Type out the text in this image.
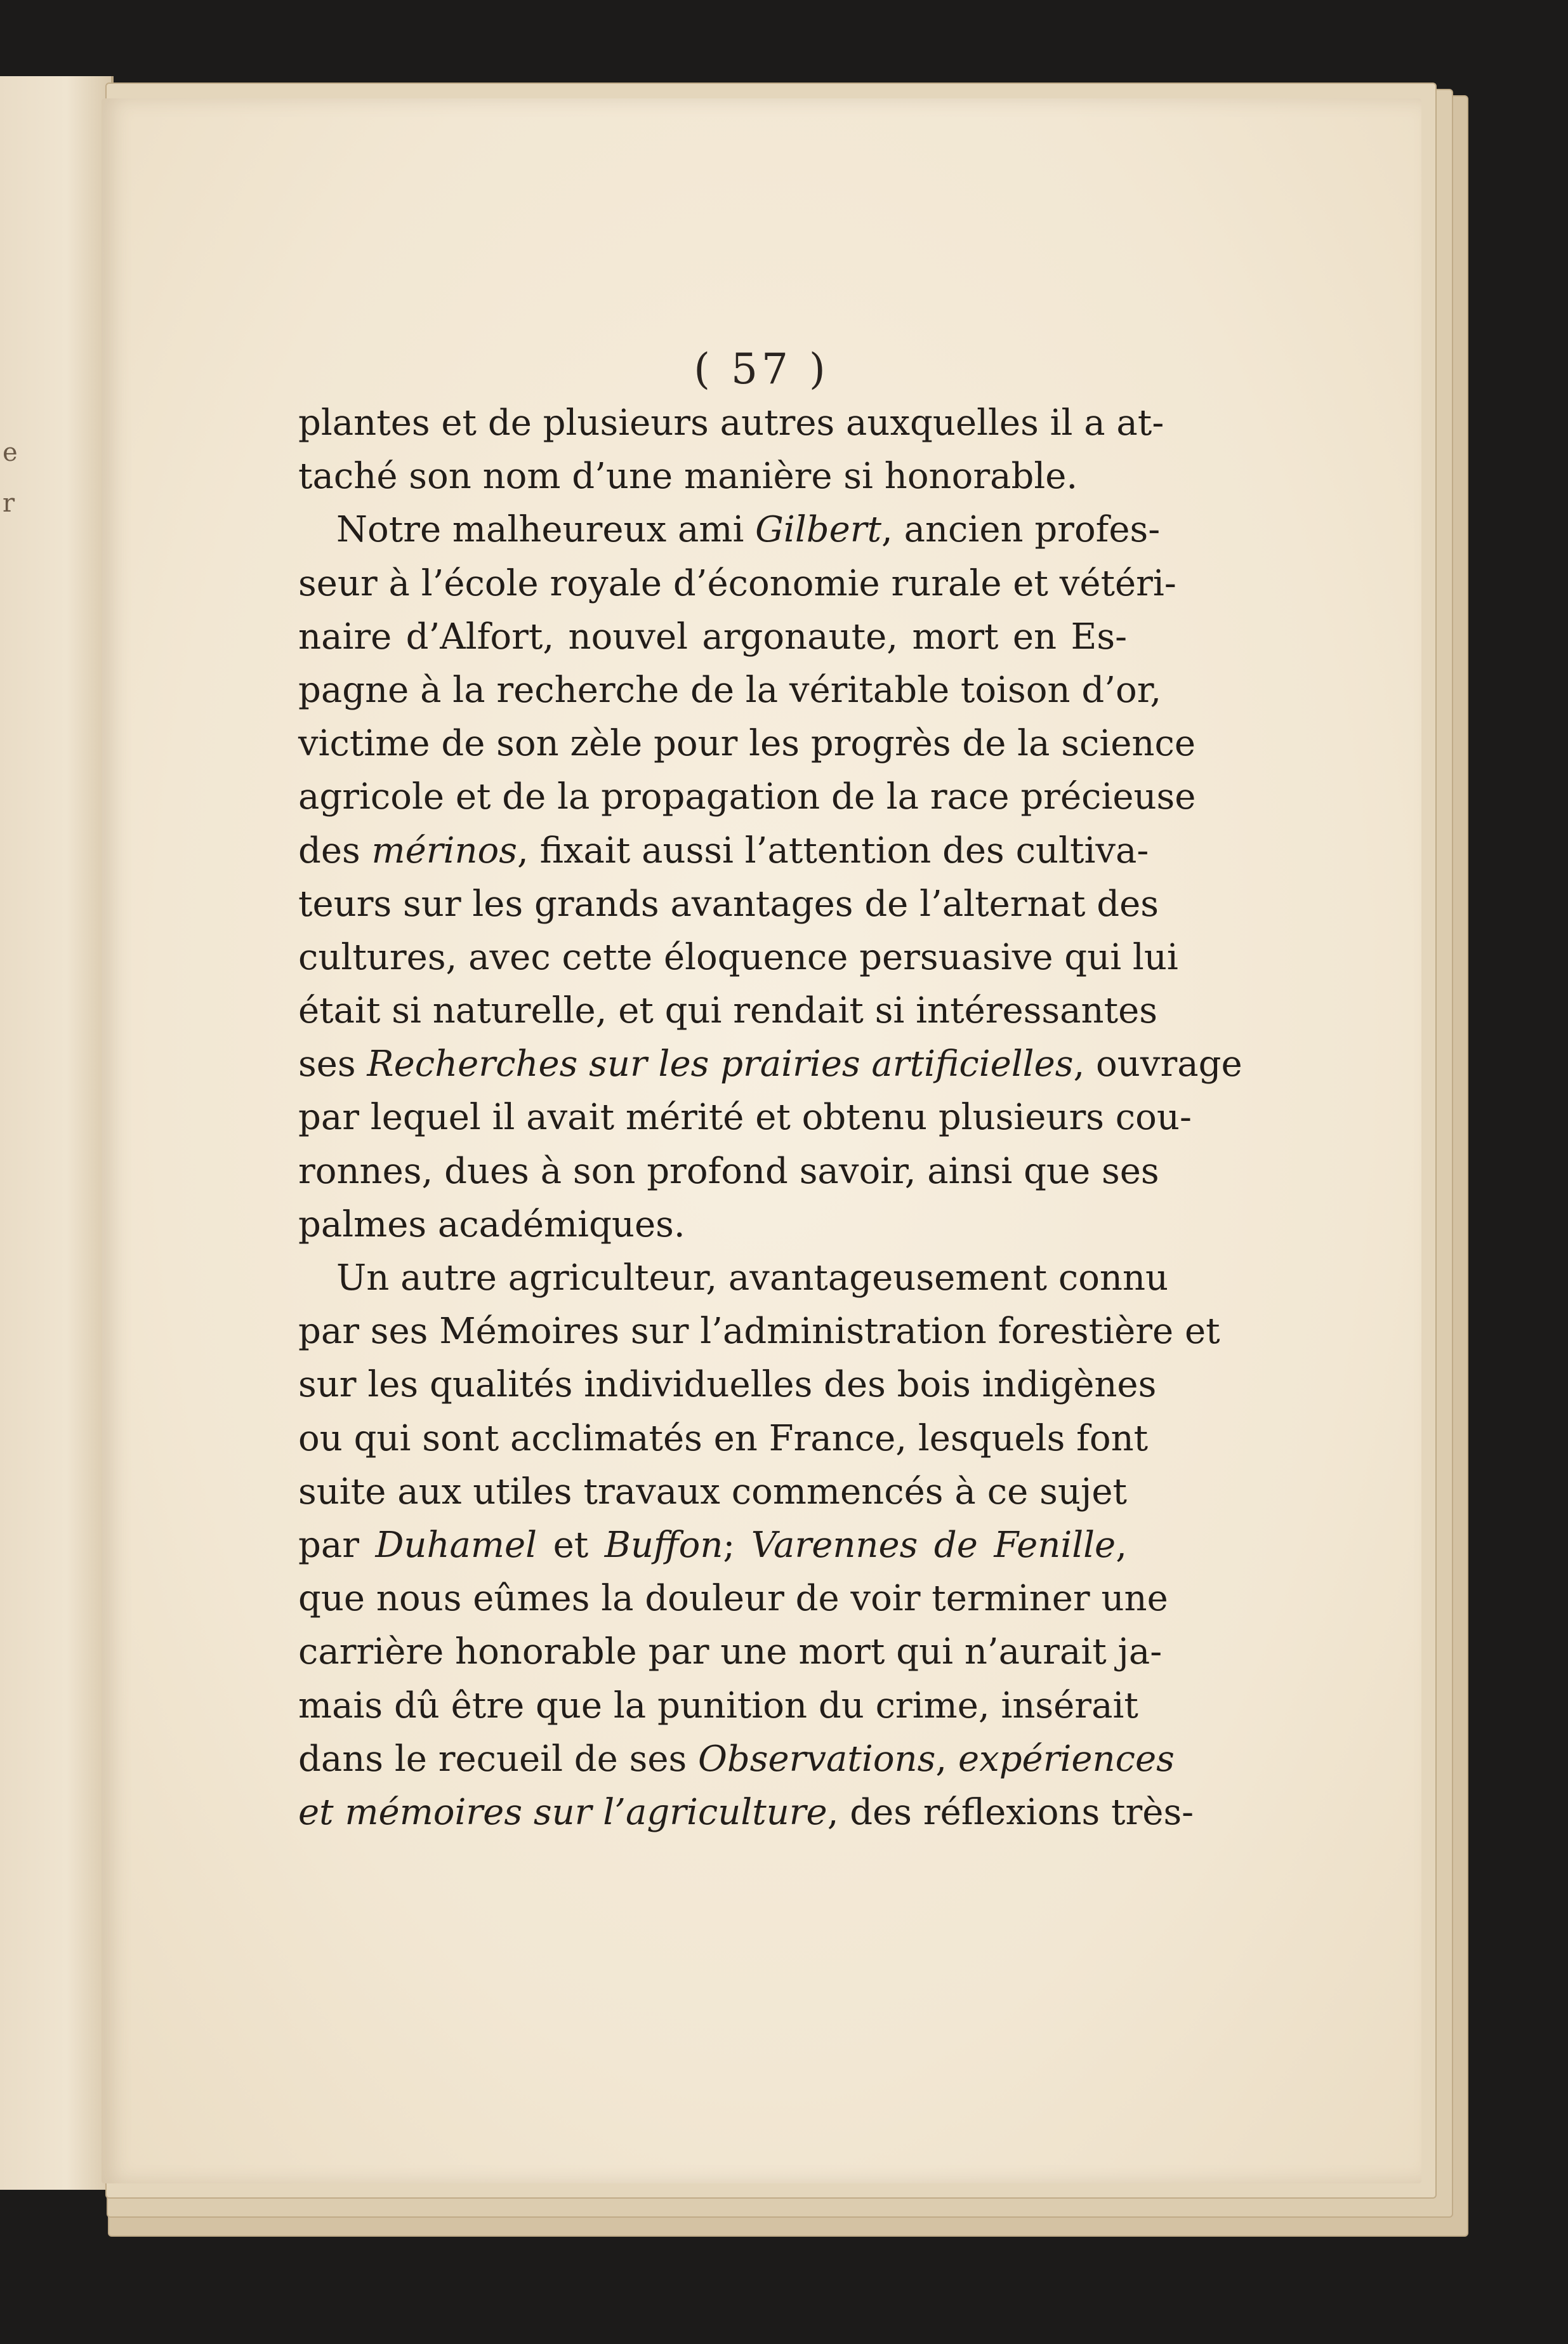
e
r
( 57 )
plantes et de plusieurs autres auxquelles il a at-
taché son nom d’une manière si honorable.
Notre malheureux ami Gilbert, ancien profes-
seur à l’école royale d’économie rurale et vétéri-
naire d’Alfort, nouvel argonaute, mort en Es-
pagne à la recherche de la véritable toison d’or,
victime de son zèle pour les progrès de la science
agricole et de la propagation de la race précieuse
des mérinos, fixait aussi l’attention des cultiva-
teurs sur les grands avantages de l’alternat des
cultures, avec cette éloquence persuasive qui lui
était si naturelle, et qui rendait si intéressantes
ses Recherches sur les prairies artificielles, ouvrage
par lequel il avait mérité et obtenu plusieurs cou-
ronnes, dues à son profond savoir, ainsi que ses
palmes académiques.
Un autre agriculteur, avantageusement connu
par ses Mémoires sur l’administration forestière et
sur les qualités individuelles des bois indigènes
ou qui sont acclimatés en France, lesquels font
suite aux utiles travaux commencés à ce sujet
par Duhamel et Buffon; Varennes de Fenille,
que nous eûmes la douleur de voir terminer une
carrière honorable par une mort qui n’aurait ja-
mais dû être que la punition du crime, insérait
dans le recueil de ses Observations, expériences
et mémoires sur l’agriculture, des réflexions très-
